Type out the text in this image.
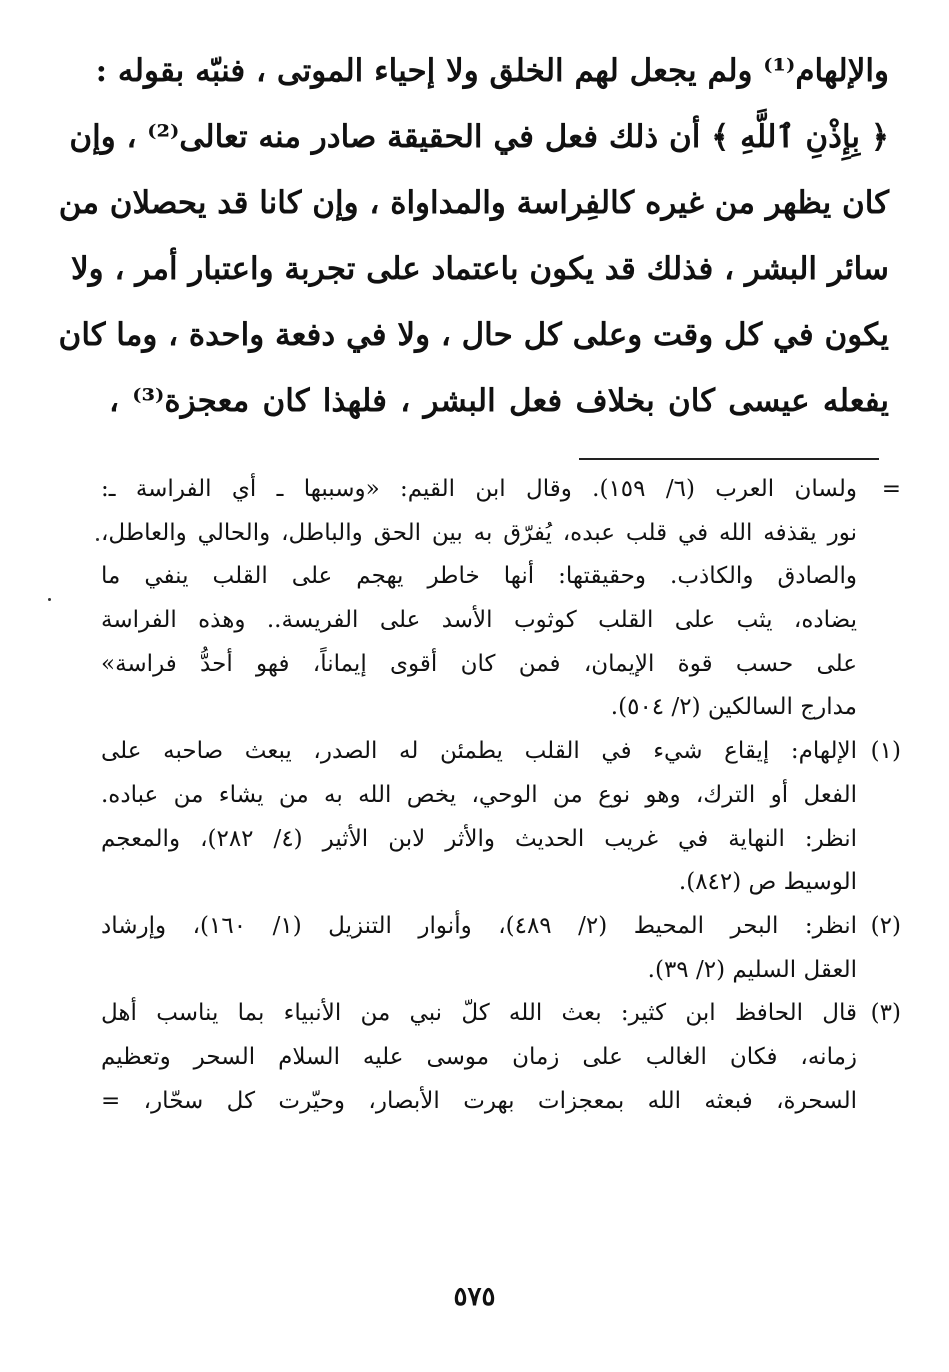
والإلهام⁽¹⁾ ولم يجعل لهم الخلق ولا إحياء الموتى ، فنبّه بقوله :
﴿ بِإِذْنِ ٱللَّهِ ﴾ أن ذلك فعل في الحقيقة صادر منه تعالى⁽²⁾ ، وإن
كان يظهر من غيره كالفِراسة والمداواة ، وإن كانا قد يحصلان من
سائر البشر ، فذلك قد يكون باعتماد على تجربة واعتبار أمر ، ولا
يكون في كل وقت وعلى كل حال ، ولا في دفعة واحدة ، وما كان
يفعله عيسى كان بخلاف فعل البشر ، فلهذا كان معجزة⁽³⁾ ،
=
ولسان العرب (٦/ ١٥٩). وقال ابن القيم: «وسببها ـ أي الفراسة ـ:
نور يقذفه الله في قلب عبده، يُفرّق به بين الحق والباطل، والحالي والعاطل،
والصادق والكاذب. وحقيقتها: أنها خاطر يهجم على القلب ينفي ما
يضاده، يثب على القلب كوثوب الأسد على الفريسة.. وهذه الفراسة
على حسب قوة الإيمان، فمن كان أقوى إيماناً، فهو أحدُّ فراسة»
مدارج السالكين (٢/ ٥٠٤).
(١)
الإلهام: إيقاع شيء في القلب يطمئن له الصدر، يبعث صاحبه على
الفعل أو الترك، وهو نوع من الوحي، يخص الله به من يشاء من عباده.
انظر: النهاية في غريب الحديث والأثر لابن الأثير (٤/ ٢٨٢)، والمعجم
الوسيط ص (٨٤٢).
(٢)
انظر: البحر المحيط (٢/ ٤٨٩)، وأنوار التنزيل (١/ ١٦٠)، وإرشاد
العقل السليم (٢/ ٣٩).
(٣)
قال الحافظ ابن كثير: بعث الله كلّ نبي من الأنبياء بما يناسب أهل
زمانه، فكان الغالب على زمان موسى عليه السلام السحر وتعظيم
السحرة، فبعثه الله بمعجزات بهرت الأبصار، وحيّرت كل سحّار، =
٥٧٥
